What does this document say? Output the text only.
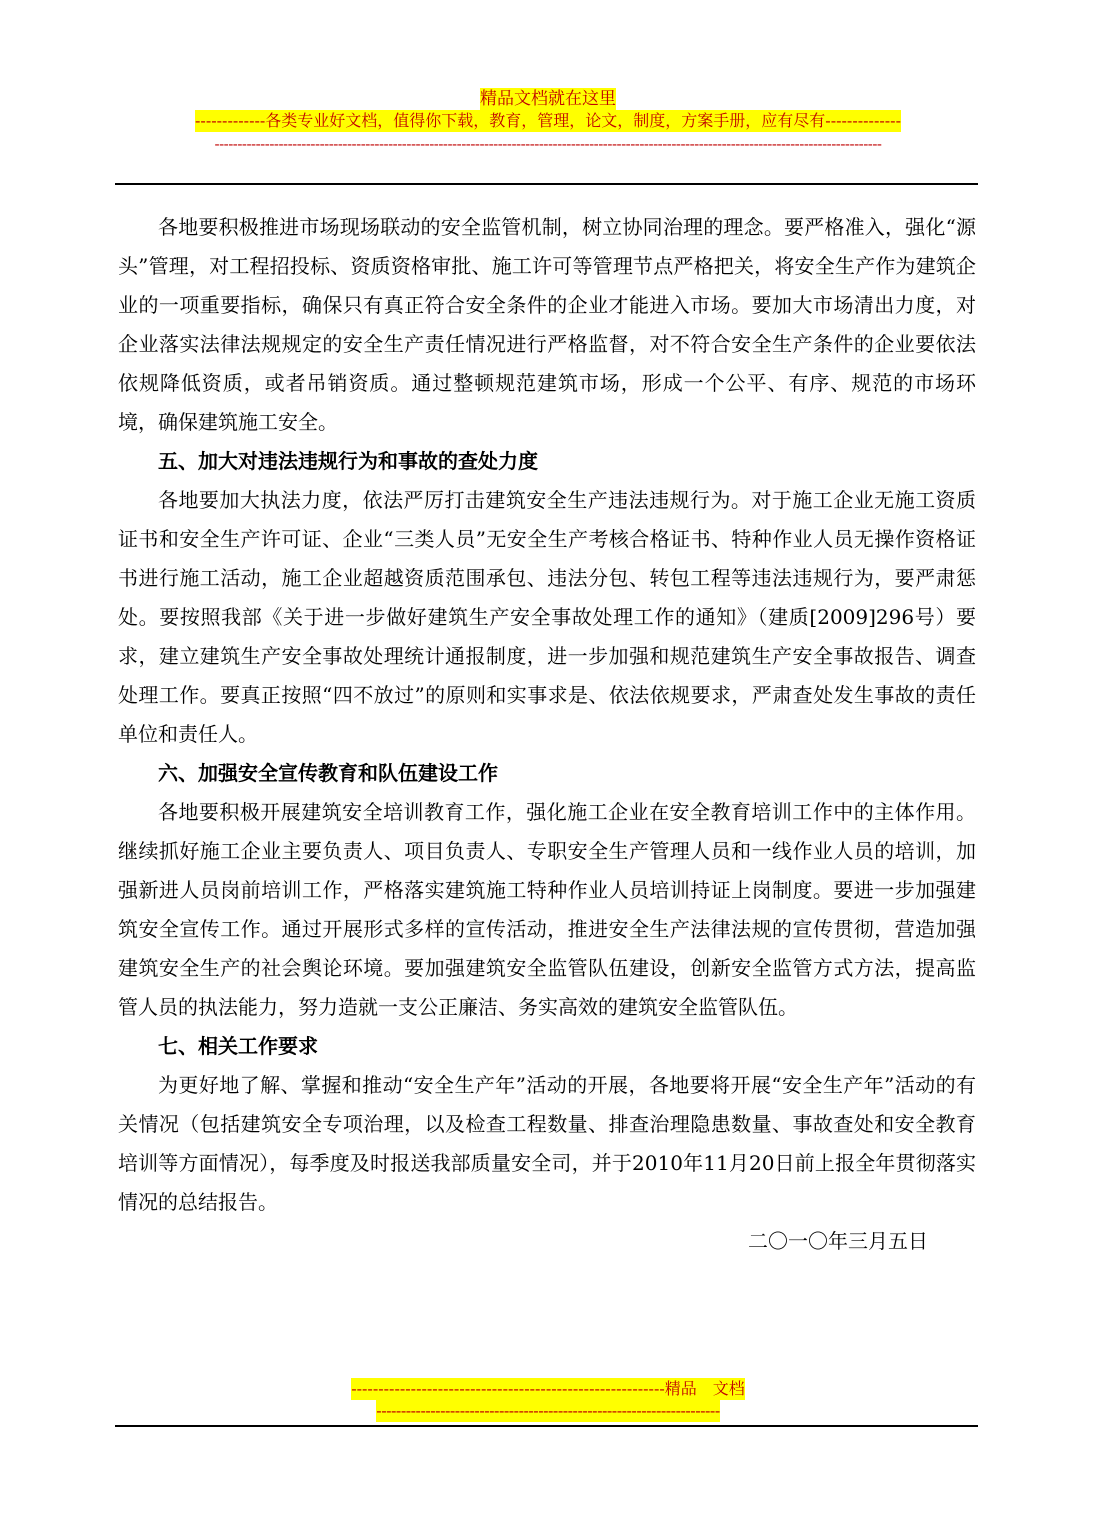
精品文档就在这里
-------------各类专业好文档，值得你下载，教育，管理，论文，制度，方案手册，应有尽有--------------
--------------------------------------------------------------------------------------------------------------------------------------------------

各地要积极推进市场现场联动的安全监管机制，树立协同治理的理念。要严格准入，强化“源头”管理，对工程招投标、资质资格审批、施工许可等管理节点严格把关，将安全生产作为建筑企业的一项重要指标，确保只有真正符合安全条件的企业才能进入市场。要加大市场清出力度，对企业落实法律法规规定的安全生产责任情况进行严格监督，对不符合安全生产条件的企业要依法依规降低资质，或者吊销资质。通过整顿规范建筑市场，形成一个公平、有序、规范的市场环境，确保建筑施工安全。

五、加大对违法违规行为和事故的查处力度

各地要加大执法力度，依法严厉打击建筑安全生产违法违规行为。对于施工企业无施工资质证书和安全生产许可证、企业“三类人员”无安全生产考核合格证书、特种作业人员无操作资格证书进行施工活动，施工企业超越资质范围承包、违法分包、转包工程等违法违规行为，要严肃惩处。要按照我部《关于进一步做好建筑生产安全事故处理工作的通知》（建质[2009]296号）要求，建立建筑生产安全事故处理统计通报制度，进一步加强和规范建筑生产安全事故报告、调查处理工作。要真正按照“四不放过”的原则和实事求是、依法依规要求，严肃查处发生事故的责任单位和责任人。

六、加强安全宣传教育和队伍建设工作

各地要积极开展建筑安全培训教育工作，强化施工企业在安全教育培训工作中的主体作用。继续抓好施工企业主要负责人、项目负责人、专职安全生产管理人员和一线作业人员的培训，加强新进人员岗前培训工作，严格落实建筑施工特种作业人员培训持证上岗制度。要进一步加强建筑安全宣传工作。通过开展形式多样的宣传活动，推进安全生产法律法规的宣传贯彻，营造加强建筑安全生产的社会舆论环境。要加强建筑安全监管队伍建设，创新安全监管方式方法，提高监管人员的执法能力，努力造就一支公正廉洁、务实高效的建筑安全监管队伍。

七、相关工作要求

为更好地了解、掌握和推动“安全生产年”活动的开展，各地要将开展“安全生产年”活动的有关情况（包括建筑安全专项治理，以及检查工程数量、排查治理隐患数量、事故查处和安全教育培训等方面情况），每季度及时报送我部质量安全司，并于2010年11月20日前上报全年贯彻落实情况的总结报告。

二〇一〇年三月五日

----------------------------------------------------------精品　文档
----------------------------------------------------------------------
